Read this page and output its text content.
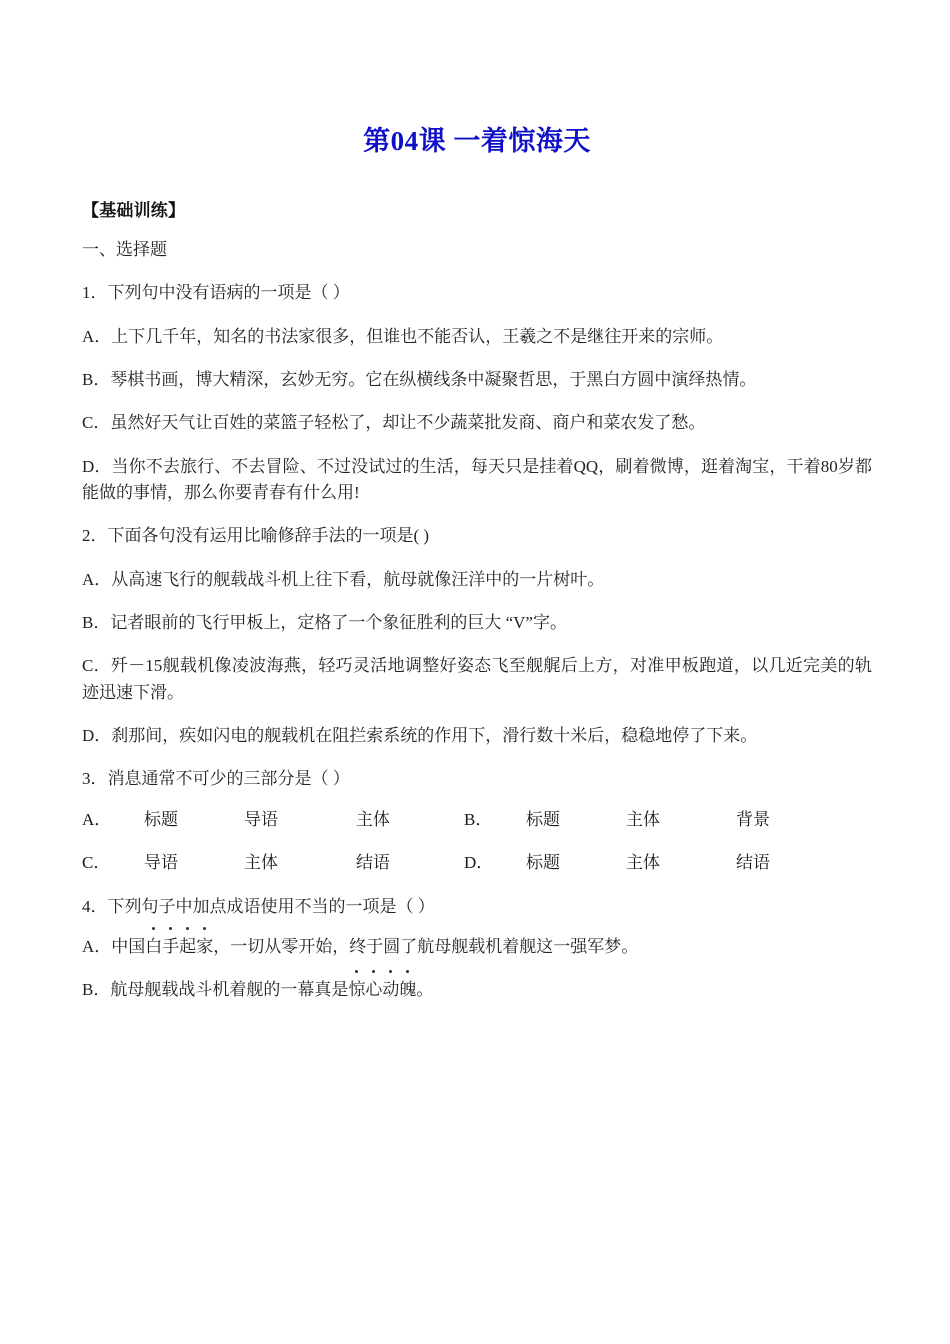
第04课 一着惊海天
【基础训练】

一、选择题

1．下列句中没有语病的一项是（ ）

A．上下几千年，知名的书法家很多，但谁也不能否认，王羲之不是继往开来的宗师。

B．琴棋书画，博大精深，玄妙无穷。它在纵横线条中凝聚哲思，于黑白方圆中演绎热情。

C．虽然好天气让百姓的菜篮子轻松了，却让不少蔬菜批发商、商户和菜农发了愁。

D．当你不去旅行、不去冒险、不过没试过的生活，每天只是挂着QQ，刷着微博，逛着淘宝，干着80岁都能做的事情，那么你要青春有什么用!

2．下面各句没有运用比喻修辞手法的一项是( )

A．从高速飞行的舰载战斗机上往下看，航母就像汪洋中的一片树叶。

B．记者眼前的飞行甲板上，定格了一个象征胜利的巨大 “V”字。

C．歼－15舰载机像凌波海燕，轻巧灵活地调整好姿态飞至舰艉后上方，对准甲板跑道，以几近完美的轨迹迅速下滑。

D．刹那间，疾如闪电的舰载机在阻拦索系统的作用下，滑行数十米后，稳稳地停了下来。

3．消息通常不可少的三部分是（ ）

A．	标题	导语	主体	B．	标题	主体	背景
C．	导语	主体	结语	D．	标题	主体	结语

4．下列句子中加点成语使用不当的一项是（ ）

A．中国白手起家，一切从零开始，终于圆了航母舰载机着舰这一强军梦。

B．航母舰载战斗机着舰的一幕真是惊心动魄。
